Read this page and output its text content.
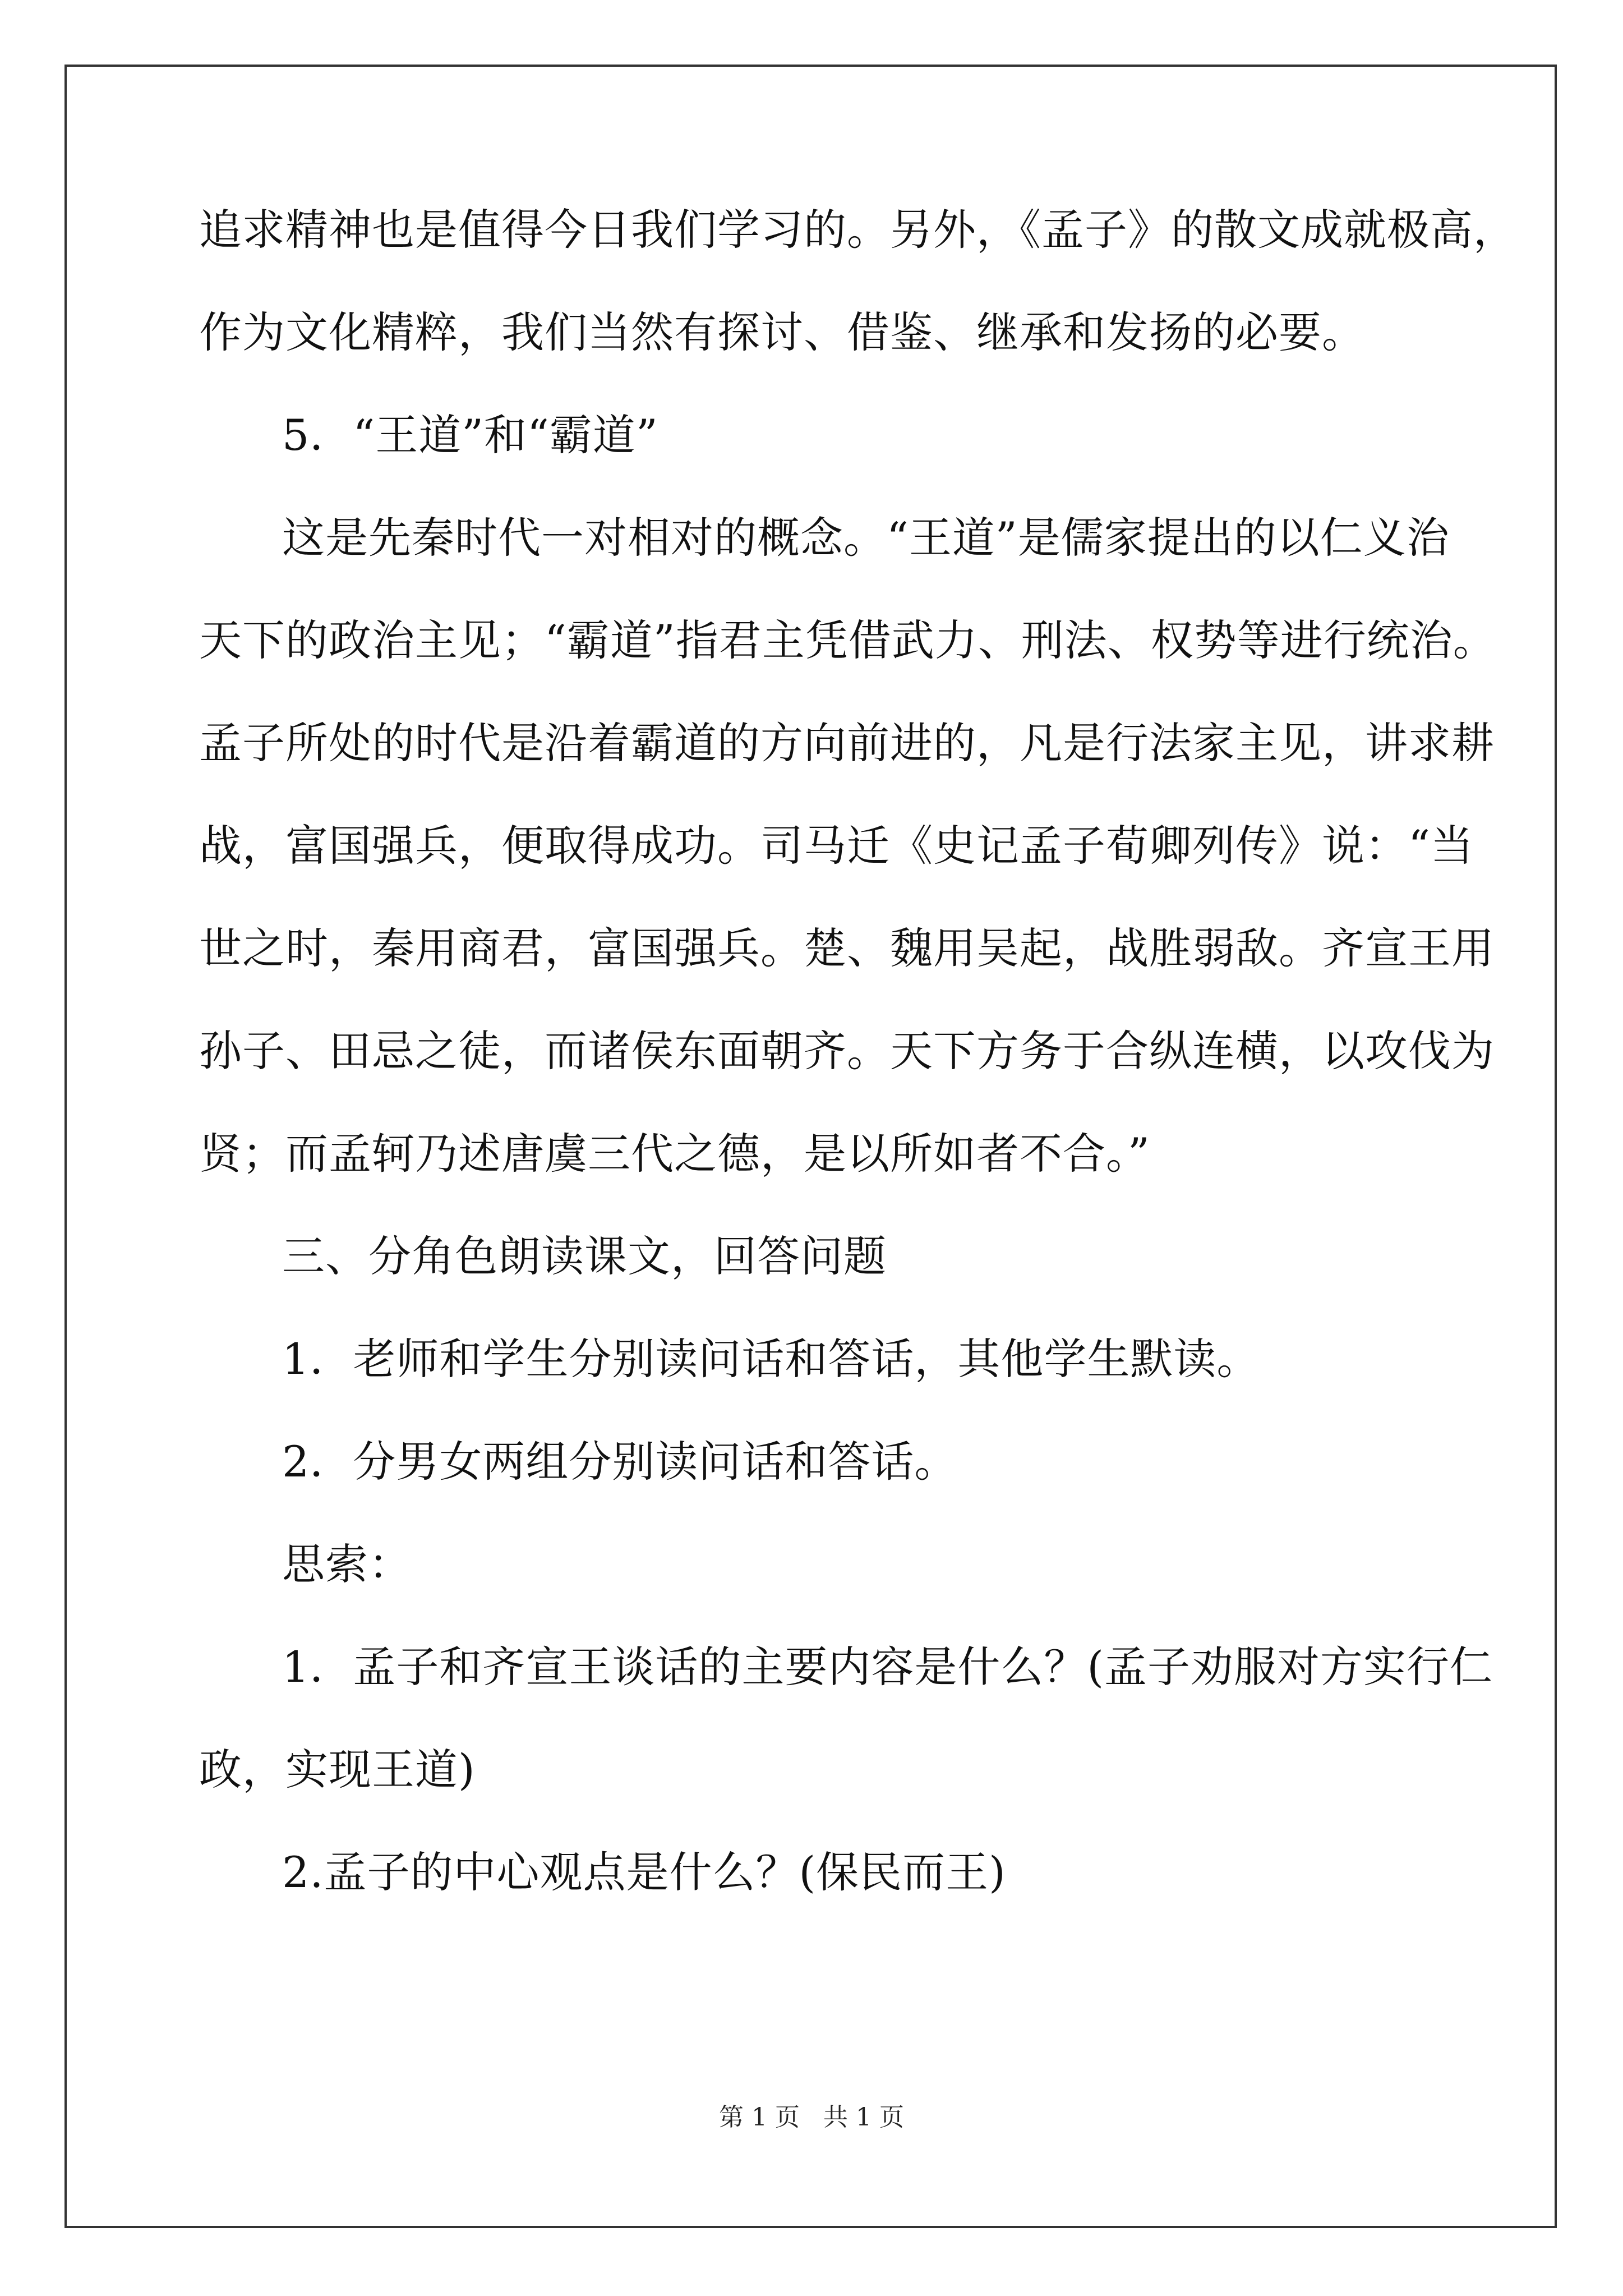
追求精神也是值得今日我们学习的。另外，《孟子》的散文成就极高，
作为文化精粹，我们当然有探讨、借鉴、继承和发扬的必要。
5．“王道”和“霸道”
这是先秦时代一对相对的概念。“王道”是儒家提出的以仁义治
天下的政治主见；“霸道”指君主凭借武力、刑法、权势等进行统治。
孟子所处的时代是沿着霸道的方向前进的，凡是行法家主见，讲求耕
战，富国强兵，便取得成功。司马迁《史记孟子荀卿列传》说：“当
世之时，秦用商君，富国强兵。楚、魏用吴起，战胜弱敌。齐宣王用
孙子、田忌之徒，而诸侯东面朝齐。天下方务于合纵连横，以攻伐为
贤；而孟轲乃述唐虞三代之德，是以所如者不合。”
三、分角色朗读课文，回答问题
1．老师和学生分别读问话和答话，其他学生默读。
2．分男女两组分别读问话和答话。
思索：
1．孟子和齐宣王谈话的主要内容是什么？(孟子劝服对方实行仁
政，实现王道)
2.孟子的中心观点是什么？(保民而王)
第 1 页 共 1 页
